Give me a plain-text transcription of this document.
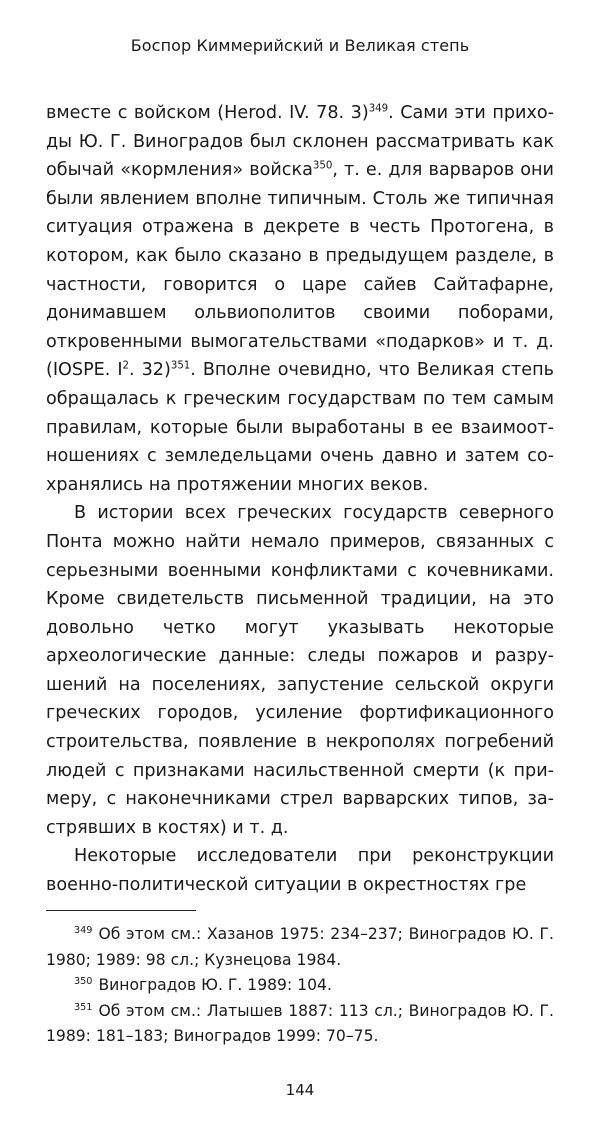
Боспор Киммерийский и Великая степь

вместе с войском (Herod. IV. 78. 3)$^{349}$. Сами эти приходы Ю. Г. Виноградов был склонен рассматривать как обычай «кормления» войска$^{350}$, т. е. для варваров они были явлением вполне типичным. Столь же типичная ситуация отражена в декрете в честь Протогена, в котором, как было сказано в предыдущем разделе, в частности, говорится о царе сайев Сайтафарне, донимавшем ольвиополитов своими поборами, откровенными вымогательствами «подарков» и т. д. (IOSPE. $I^2$. 32)$^{351}$. Вполне очевидно, что Великая степь обращалась к греческим государствам по тем самым правилам, которые были выработаны в ее взаимоотношениях с земледельцами очень давно и затем сохранялись на протяжении многих веков.

В истории всех греческих государств северного Понта можно найти немало примеров, связанных с серьезными военными конфликтами с кочевниками. Кроме свидетельств письменной традиции, на это довольно четко могут указывать некоторые археологические данные: следы пожаров и разрушений на поселениях, запустение сельской округи греческих городов, усиление фортификационного строительства, появление в некрополях погребений людей с признаками насильственной смерти (к примеру, с наконечниками стрел варварских типов, застрявших в костях) и т. д.

Некоторые исследователи при реконструкции военно-политической ситуации в окрестностях гре

$^{349}$ Об этом см.: Хазанов 1975: 234–237; Виноградов Ю. Г. 1980; 1989: 98 сл.; Кузнецова 1984.

$^{350}$ Виноградов Ю. Г. 1989: 104.

$^{351}$ Об этом см.: Латышев 1887: 113 сл.; Виноградов Ю. Г. 1989: 181–183; Виноградов 1999: 70–75.

144
